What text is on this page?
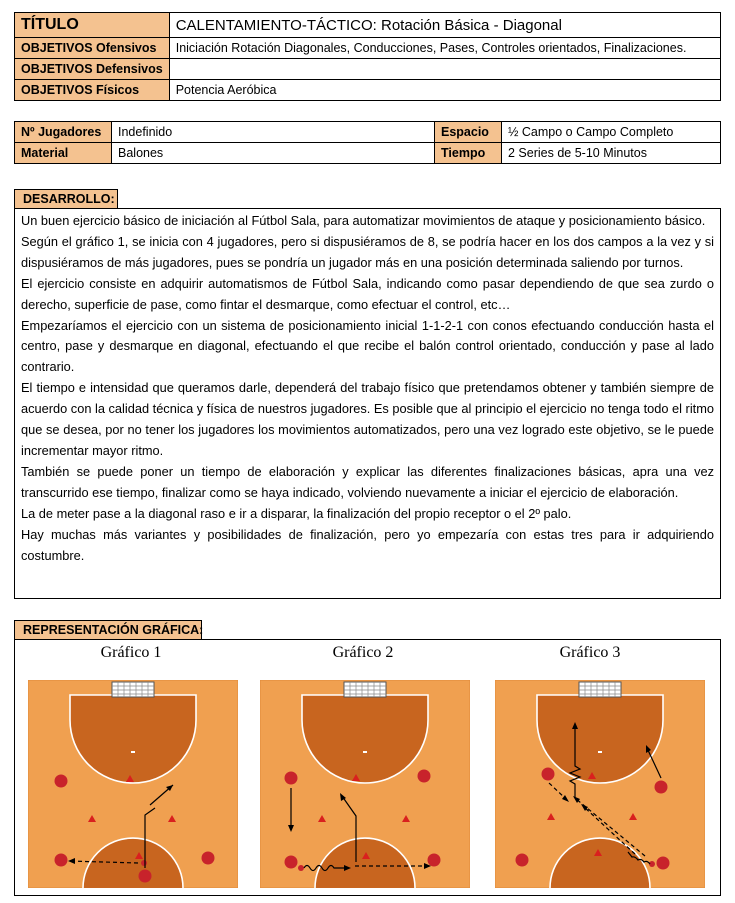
TÍTULO	CALENTAMIENTO-TÁCTICO: Rotación Básica - Diagonal
OBJETIVOS Ofensivos	Iniciación Rotación Diagonales, Conducciones, Pases, Controles orientados, Finalizaciones.
OBJETIVOS Defensivos	
OBJETIVOS Físicos	Potencia Aeróbica
Nº Jugadores	Indefinido	Espacio	½ Campo o Campo Completo
Material	Balones	Tiempo	2 Series de 5-10 Minutos
DESARROLLO:

Un buen ejercicio básico de iniciación al Fútbol Sala, para automatizar movimientos de ataque y posicionamiento básico.

Según el gráfico 1, se inicia con 4 jugadores, pero si dispusiéramos de 8, se podría hacer en los dos campos a la vez y si dispusiéramos de más jugadores, pues se pondría un jugador más en una posición determinada saliendo por turnos.

El ejercicio consiste en adquirir automatismos de Fútbol Sala, indicando como pasar dependiendo de que sea zurdo o derecho, superficie de pase, como fintar el desmarque, como efectuar el control, etc…

Empezaríamos el ejercicio con un sistema de posicionamiento inicial 1-1-2-1 con conos efectuando conducción hasta el centro, pase y desmarque en diagonal, efectuando el que recibe el balón control orientado, conducción y pase al lado contrario.

El tiempo e intensidad que queramos darle, dependerá del trabajo físico que pretendamos obtener y también siempre de acuerdo con la calidad técnica y física de nuestros jugadores. Es posible que al principio el ejercicio no tenga todo el ritmo que se desea, por no tener los jugadores los movimientos automatizados, pero una vez logrado este objetivo, se le puede incrementar mayor ritmo.

También se puede poner un tiempo de elaboración y explicar las diferentes finalizaciones básicas, apra una vez transcurrido ese tiempo, finalizar como se haya indicado, volviendo nuevamente a iniciar el ejercicio de elaboración.

La de meter pase a la diagonal raso e ir a disparar, la finalización del propio receptor o el 2º palo.

Hay muchas más variantes y posibilidades de finalización, pero yo empezaría con estas tres para ir adquiriendo costumbre.

REPRESENTACIÓN GRÁFICA:
Gráfico 1	Gráfico 2	Gráfico 3
